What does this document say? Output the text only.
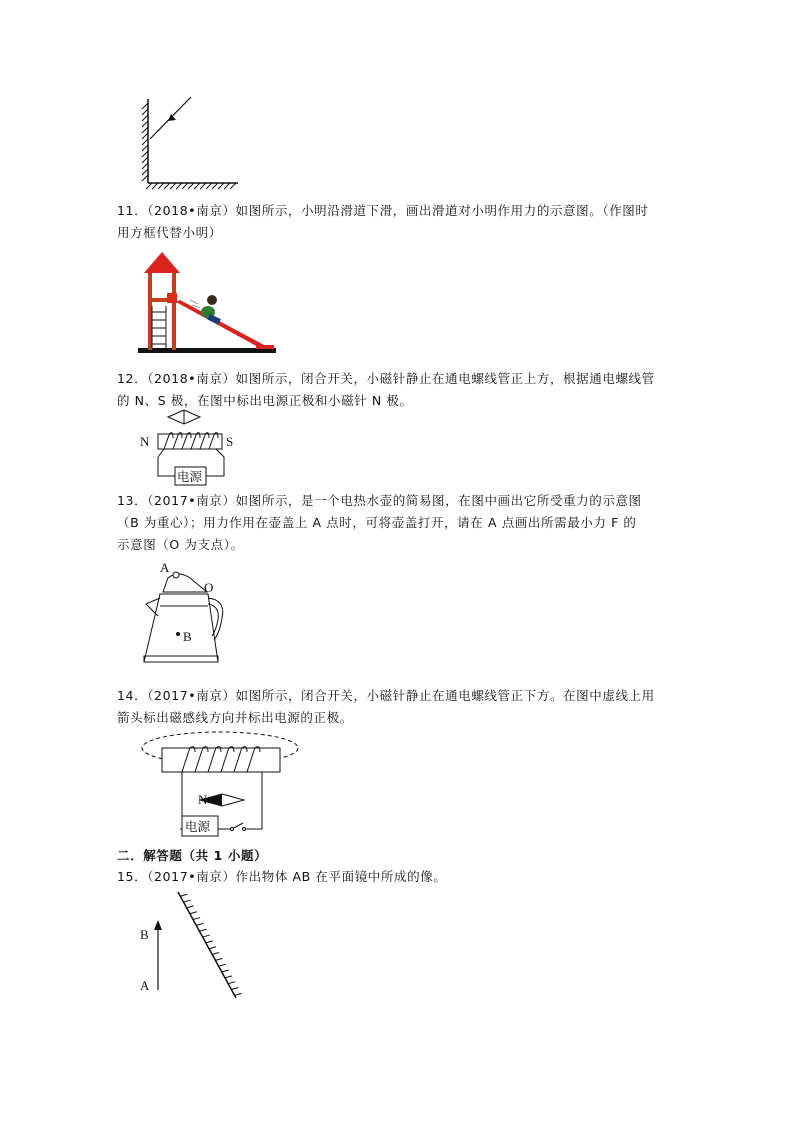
11．（2018•南京）如图所示，小明沿滑道下滑，画出滑道对小明作用力的示意图。（作图时

用方框代替小明）

12．（2018•南京）如图所示，闭合开关，小磁针静止在通电螺线管正上方，根据通电螺线管

的 N、S 极，在图中标出电源正极和小磁针 N 极。

N	S
电源

13．（2017•南京）如图所示，是一个电热水壶的简易图，在图中画出它所受重力的示意图

（B 为重心）；用力作用在壶盖上 A 点时，可将壶盖打开，请在 A 点画出所需最小力 F 的

示意图（O 为支点）。

A
O
B

14．（2017•南京）如图所示，闭合开关，小磁针静止在通电螺线管正下方。在图中虚线上用

箭头标出磁感线方向并标出电源的正极。

N
电源
二．解答题（共 1 小题）

15．（2017•南京）作出物体 AB 在平面镜中所成的像。

B
A
